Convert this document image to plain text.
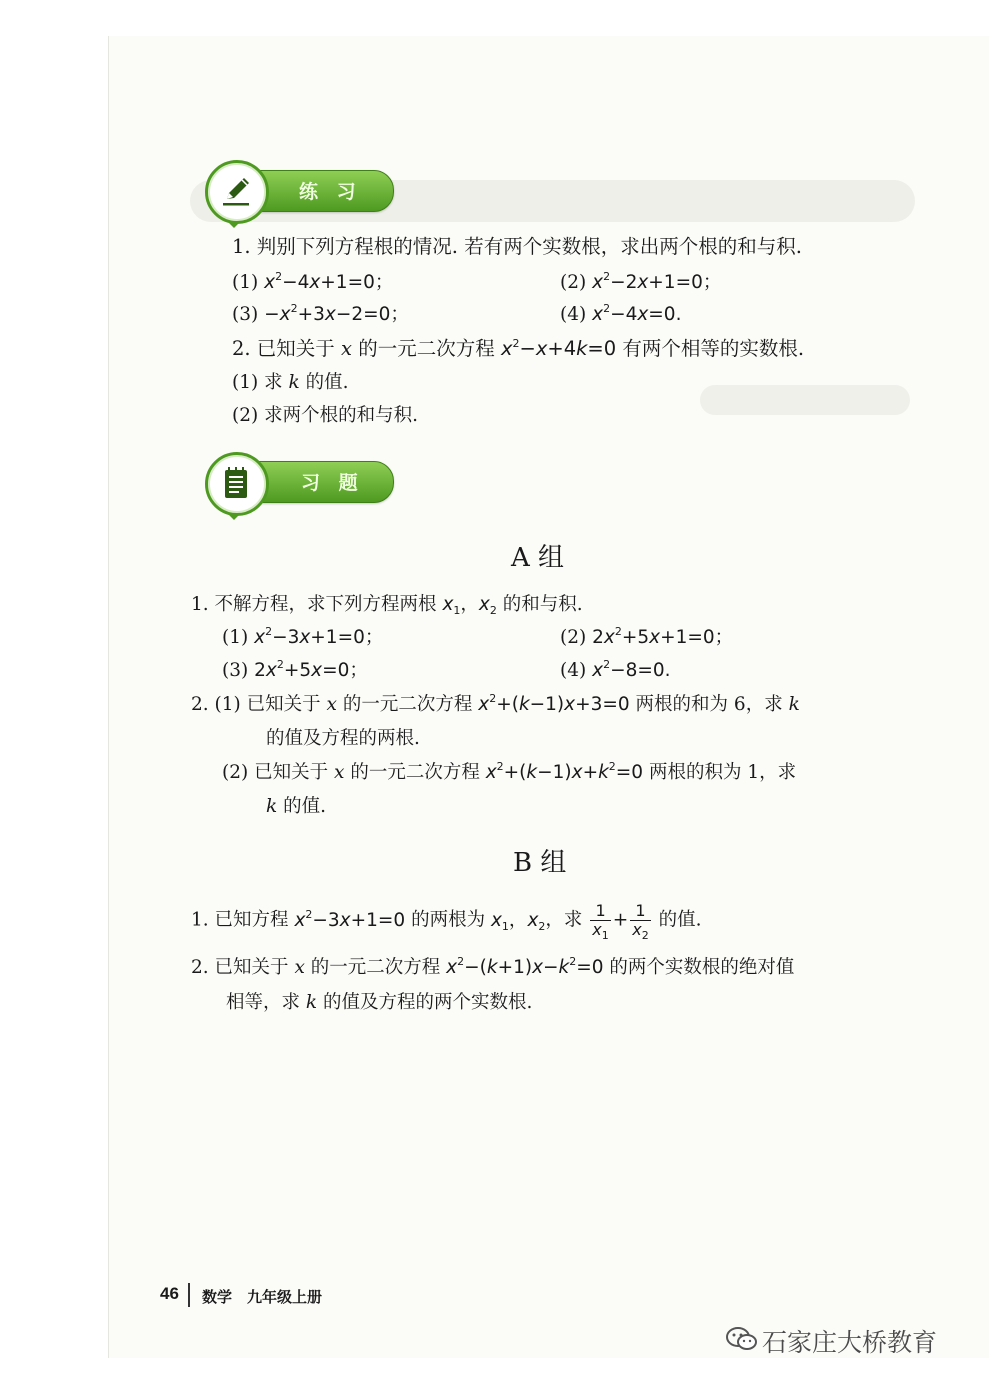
练 习
1. 判别下列方程根的情况. 若有两个实数根，求出两个根的和与积.
(1) $x^2-4x+1=0$；	(2) $x^2-2x+1=0$；
$(3) -x^2+3x-2=0$；	(4) $x^2-4x=0$.
2. 已知关于 x 的一元二次方程 $x^2-x+4k=0$ 有两个相等的实数根.
(1) 求 k 的值.
(2) 求两个根的和与积.
习 题
A 组
1. 不解方程，求下列方程两根 $x_1$，$x_2$ 的和与积.
(1) $x^2-3x+1=0$；	(2) $2x^2+5x+1=0$；
(3) $2x^2+5x=0$；	(4) $x^2-8=0$.
2. (1) 已知关于 x 的一元二次方程 $x^2+(k-1)x+3=0$ 两根的和为 6，求 k
的值及方程的两根.
(2) 已知关于 x 的一元二次方程 $x^2+(k-1)x+k^2=0$ 两根的积为 1，求
k 的值.
B 组
1. 已知方程 $x^2-3x+1=0$ 的两根为 $x_1$，$x_2$，求 $\frac{1}{x_1} + \frac{1}{x_2}$ 的值.
2. 已知关于 x 的一元二次方程 $x^2-(k+1)x-k^2=0$ 的两个实数根的绝对值
相等，求 k 的值及方程的两个实数根.
46 数学　九年级上册
石家庄大桥教育
